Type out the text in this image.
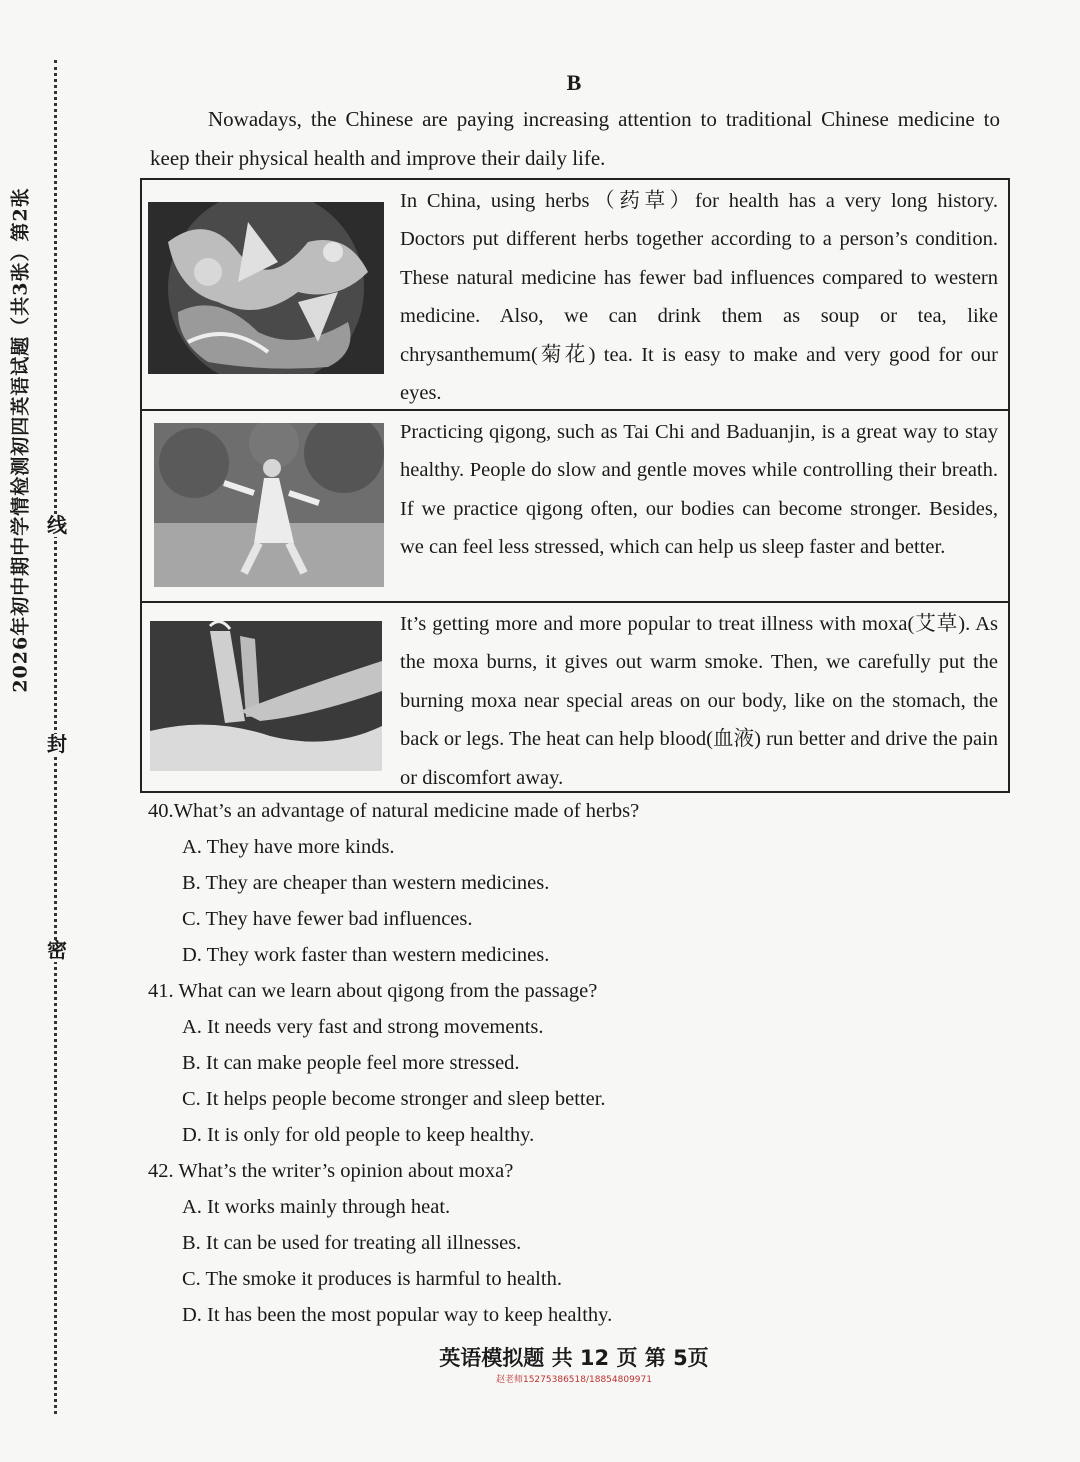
线
封
密
2026年初中期中学情检测初四英语试题（共3张）第2张
B
Nowadays, the Chinese are paying increasing attention to traditional Chinese medicine to keep their physical health and improve their daily life.
In China, using herbs（药草）for health has a very long history. Doctors put different herbs together according to a person’s condition. These natural medicine has fewer bad influences compared to western medicine. Also, we can drink them as soup or tea, like chrysanthemum(菊花) tea. It is easy to make and very good for our eyes.
Practicing qigong, such as Tai Chi and Baduanjin, is a great way to stay healthy. People do slow and gentle moves while controlling their breath. If we practice qigong often, our bodies can become stronger. Besides, we can feel less stressed, which can help us sleep faster and better.
It’s getting more and more popular to treat illness with moxa(艾草). As the moxa burns, it gives out warm smoke. Then, we carefully put the burning moxa near special areas on our body, like on the stomach, the back or legs. The heat can help blood(血液) run better and drive the pain or discomfort away.
40.What’s an advantage of natural medicine made of herbs?
A. They have more kinds.
B. They are cheaper than western medicines.
C. They have fewer bad influences.
D. They work faster than western medicines.
41. What can we learn about qigong from the passage?
A. It needs very fast and strong movements.
B. It can make people feel more stressed.
C. It helps people become stronger and sleep better.
D. It is only for old people to keep healthy.
42. What’s the writer’s opinion about moxa?
A. It works mainly through heat.
B. It can be used for treating all illnesses.
C. The smoke it produces is harmful to health.
D. It has been the most popular way to keep healthy.
英语模拟题 共 12 页 第 5页
赵老师15275386518/18854809971
